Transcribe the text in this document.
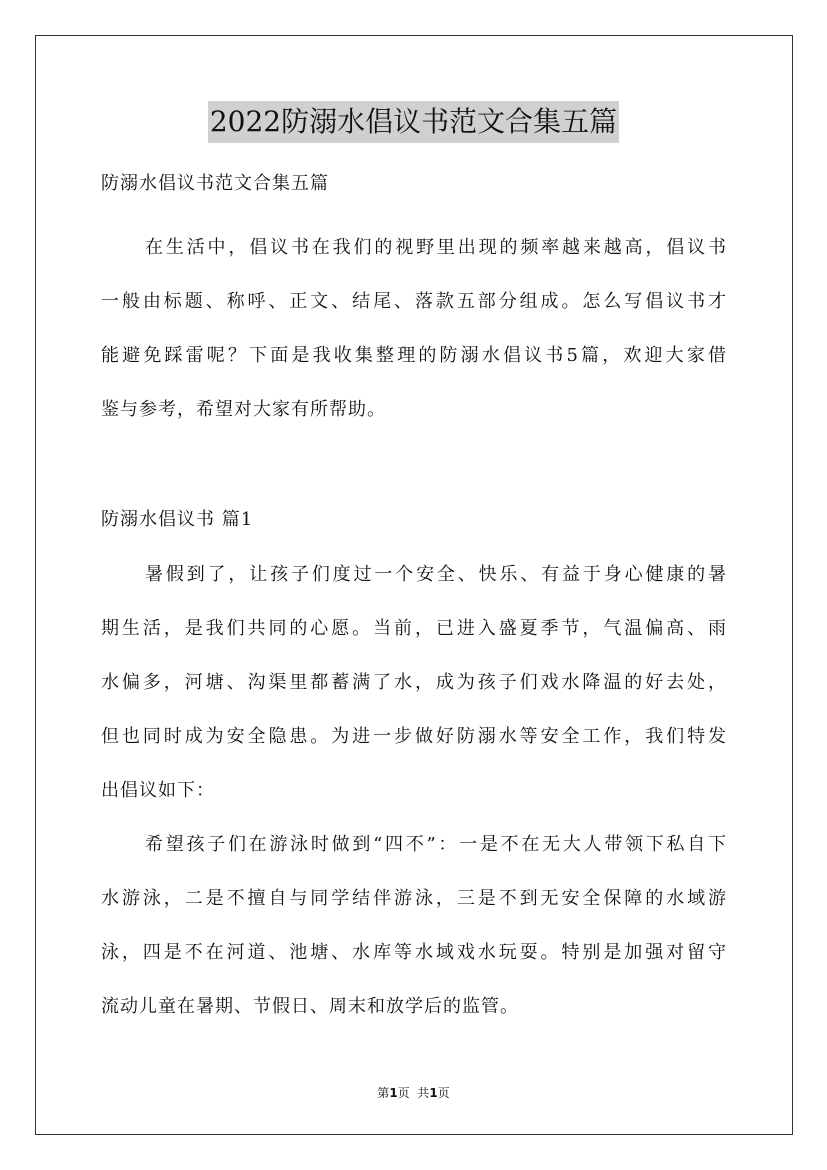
2022防溺水倡议书范文合集五篇
防溺水倡议书范文合集五篇
在生活中，倡议书在我们的视野里出现的频率越来越高，倡议书
一般由标题、称呼、正文、结尾、落款五部分组成。怎么写倡议书才
能避免踩雷呢？下面是我收集整理的防溺水倡议书5篇，欢迎大家借
鉴与参考，希望对大家有所帮助。
防溺水倡议书 篇1
暑假到了，让孩子们度过一个安全、快乐、有益于身心健康的暑
期生活，是我们共同的心愿。当前，已进入盛夏季节，气温偏高、雨
水偏多，河塘、沟渠里都蓄满了水，成为孩子们戏水降温的好去处，
但也同时成为安全隐患。为进一步做好防溺水等安全工作，我们特发
出倡议如下：
希望孩子们在游泳时做到“四不”：一是不在无大人带领下私自下
水游泳，二是不擅自与同学结伴游泳，三是不到无安全保障的水域游
泳，四是不在河道、池塘、水库等水域戏水玩耍。特别是加强对留守
流动儿童在暑期、节假日、周末和放学后的监管。
第1页  共1页
